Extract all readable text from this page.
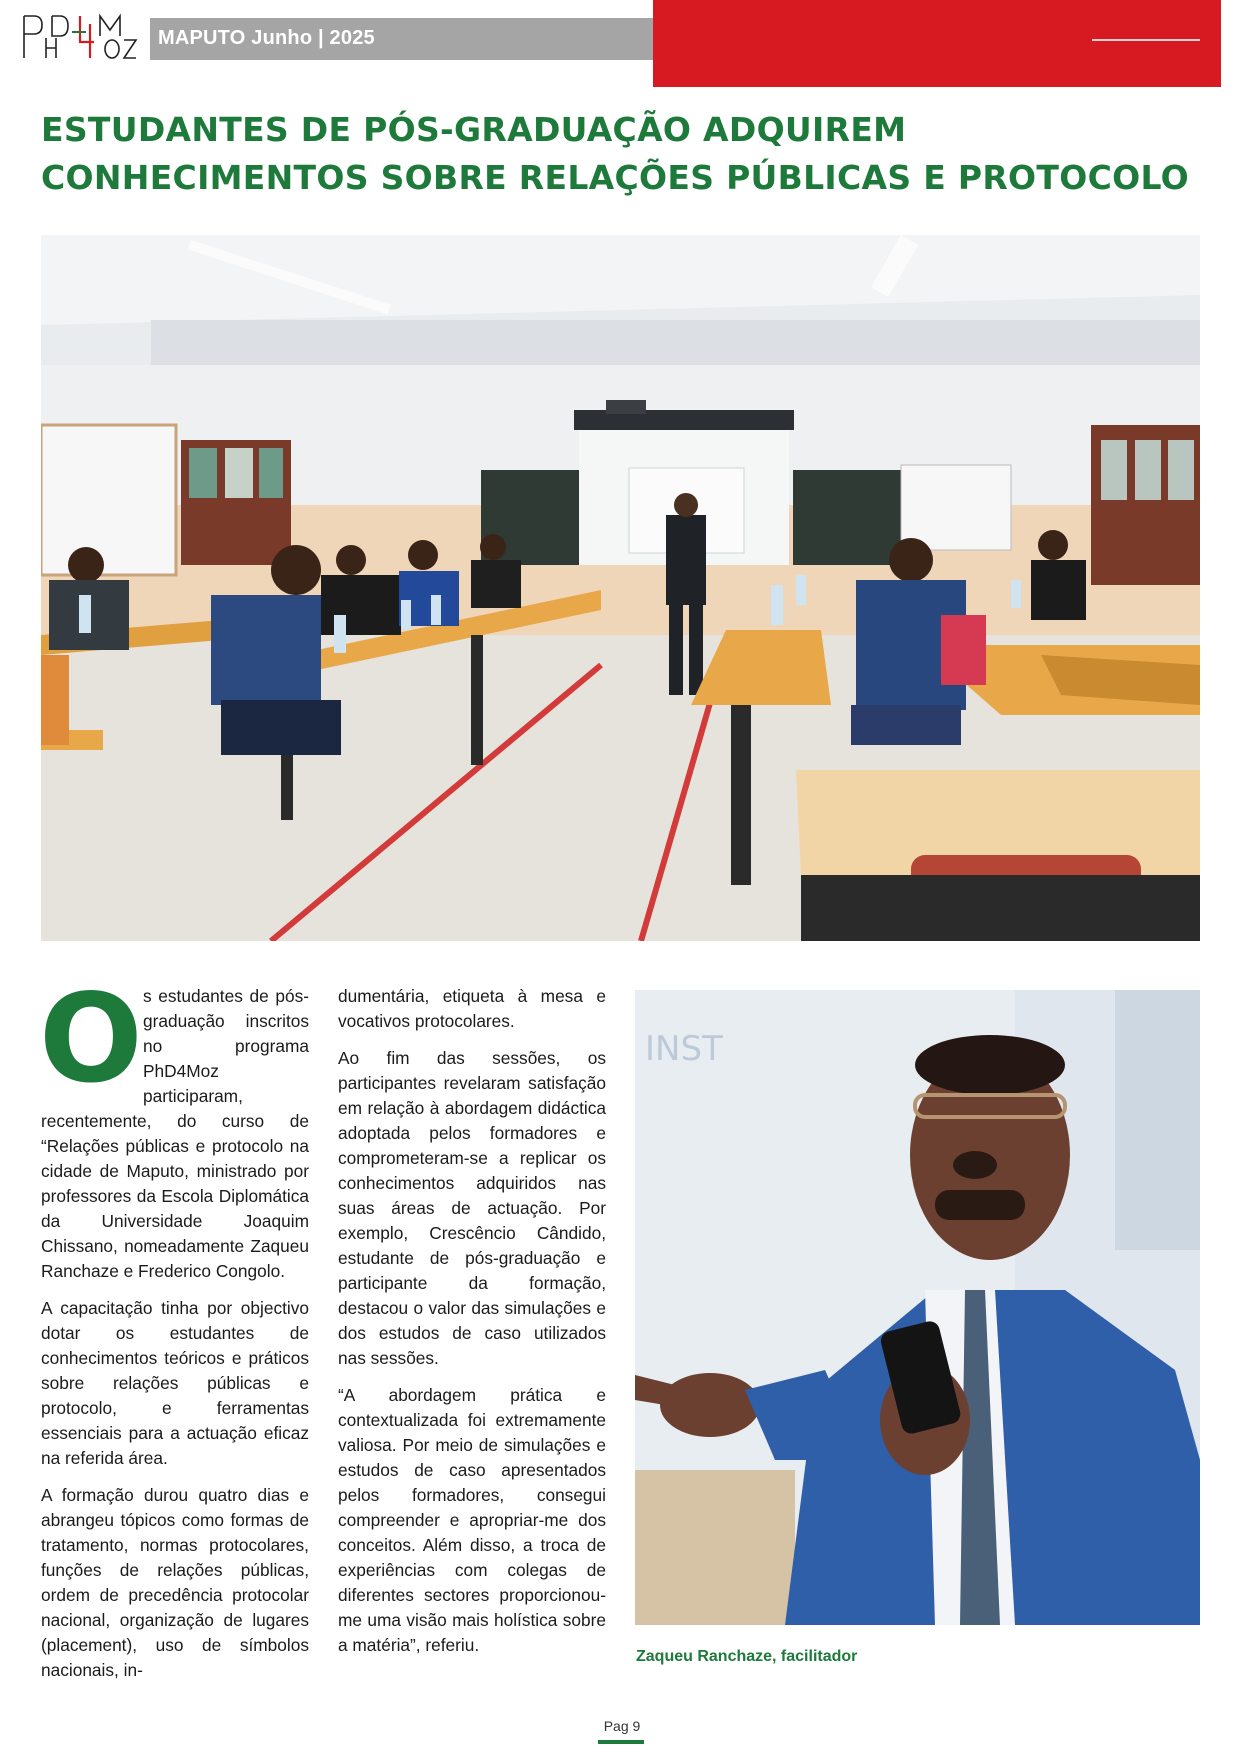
MAPUTO Junho | 2025
ESTUDANTES DE PÓS-GRADUAÇÃO ADQUIREM CONHECIMENTOS SOBRE RELAÇÕES PÚBLICAS E PROTOCOLO

Os estudantes de pós-graduação inscritos no programa PhD4Moz participaram, recentemente, do curso de “Relações públicas e protocolo na cidade de Maputo, ministrado por professores da Escola Diplomática da Universidade Joaquim Chissano, nomeadamente Zaqueu Ranchaze e Frederico Congolo.

A capacitação tinha por objectivo dotar os estudantes de conhecimentos teóricos e práticos sobre relações públicas e protocolo, e ferramentas essenciais para a actuação eficaz na referida área.

A formação durou quatro dias e abrangeu tópicos como formas de tratamento, normas protocolares, funções de relações públicas, ordem de precedência protocolar nacional, organização de lugares (placement), uso de símbolos nacionais, in-

dumentária, etiqueta à mesa e vocativos protocolares.

Ao fim das sessões, os participantes revelaram satisfação em relação à abordagem didáctica adoptada pelos formadores e comprometeram-se a replicar os conhecimentos adquiridos nas suas áreas de actuação. Por exemplo, Crescêncio Cândido, estudante de pós-graduação e participante da formação, destacou o valor das simulações e dos estudos de caso utilizados nas sessões.

“A abordagem prática e contextualizada foi extremamente valiosa. Por meio de simulações e estudos de caso apresentados pelos formadores, consegui compreender e apropriar-me dos conceitos. Além disso, a troca de experiências com colegas de diferentes sectores proporcionou-me uma visão mais holística sobre a matéria”, referiu.

INST
Zaqueu Ranchaze, facilitador
Pag 9
